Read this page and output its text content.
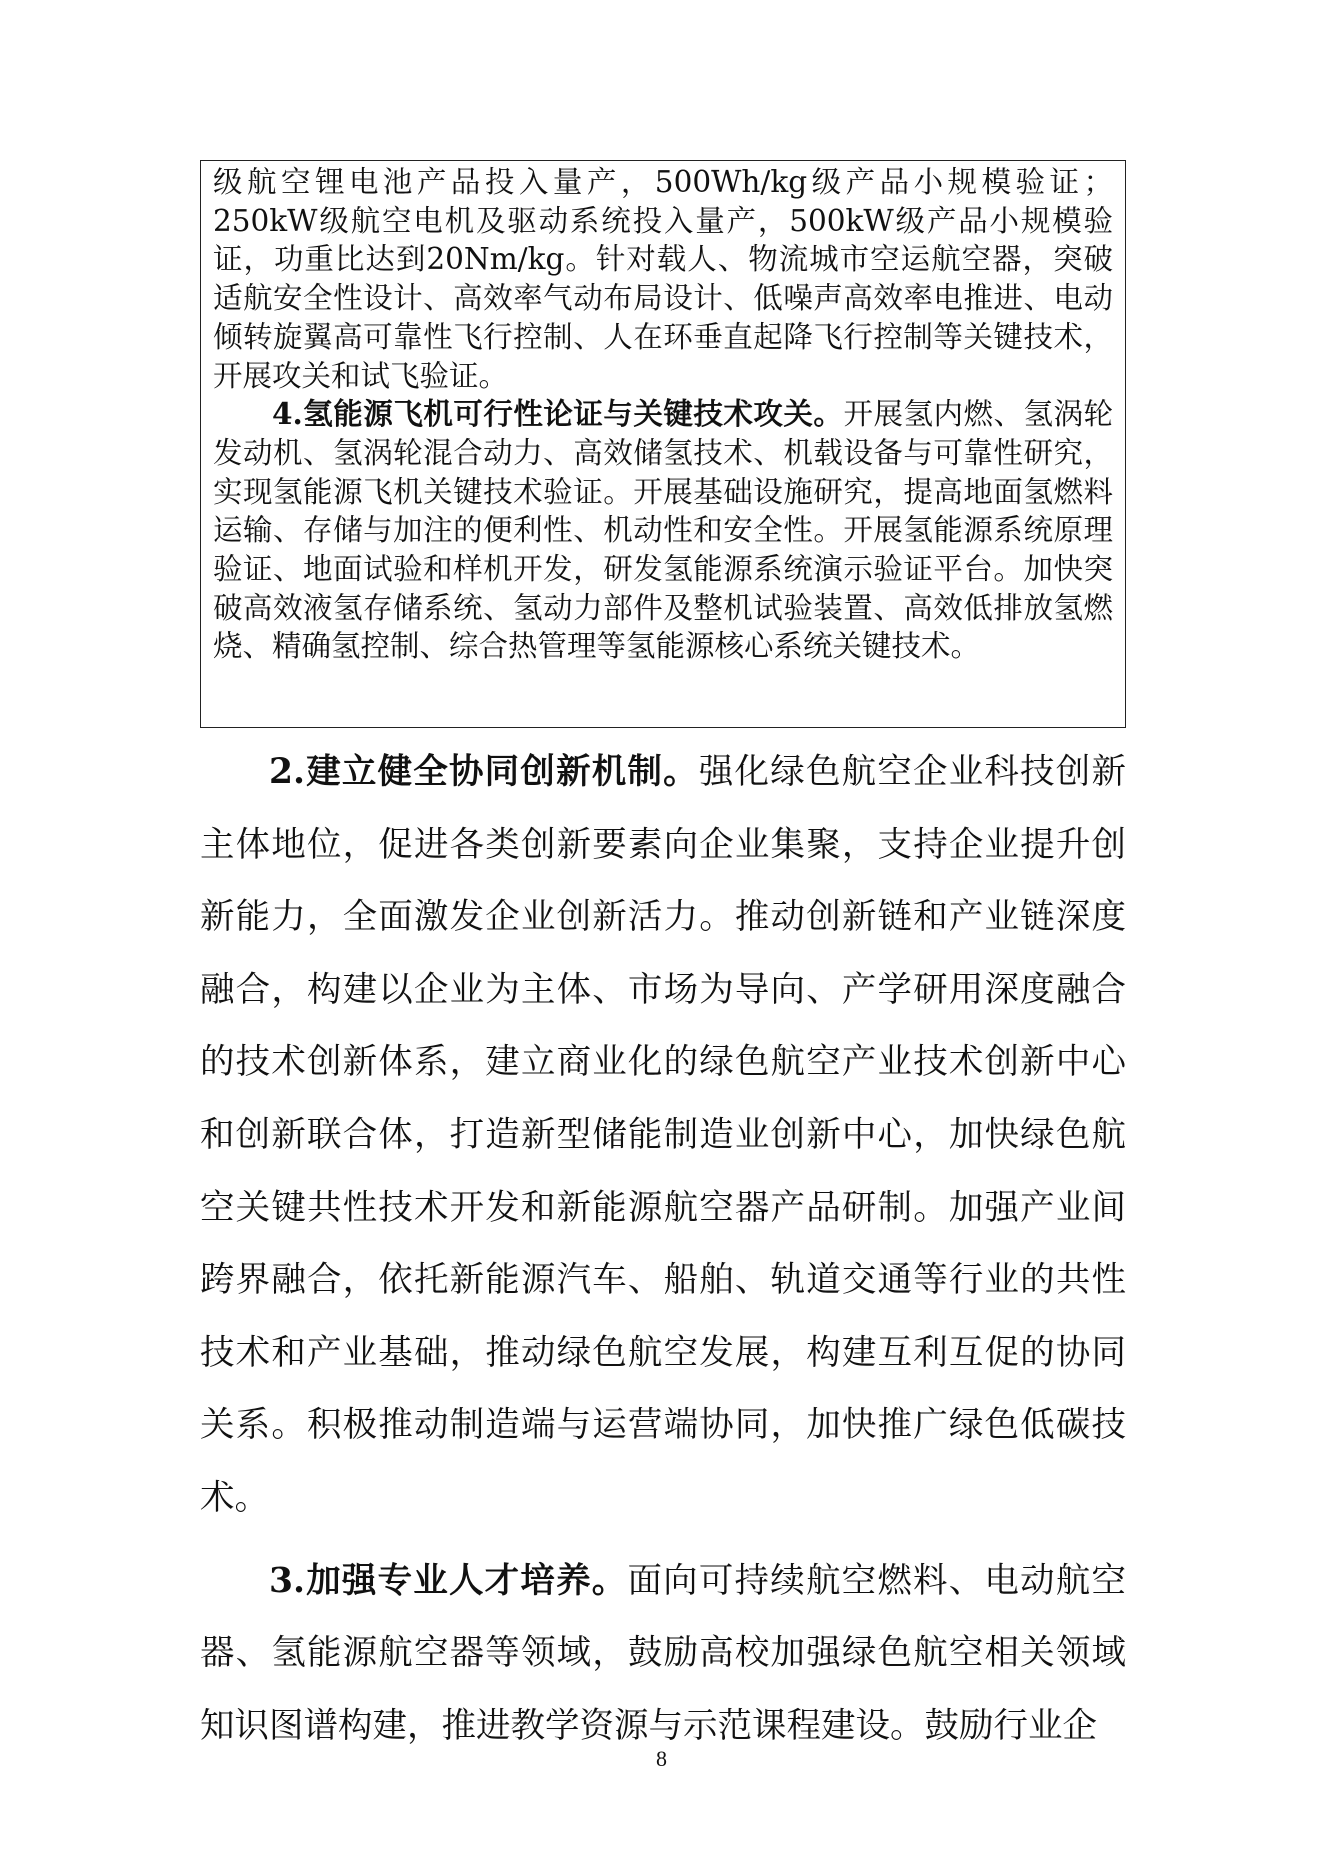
级航空锂电池产品投入量产，500Wh/kg级产品小规模验证；250kW级航空电机及驱动系统投入量产，500kW级产品小规模验证，功重比达到20Nm/kg。针对载人、物流城市空运航空器，突破适航安全性设计、高效率气动布局设计、低噪声高效率电推进、电动倾转旋翼高可靠性飞行控制、人在环垂直起降飞行控制等关键技术，开展攻关和试飞验证。

4.氢能源飞机可行性论证与关键技术攻关。开展氢内燃、氢涡轮发动机、氢涡轮混合动力、高效储氢技术、机载设备与可靠性研究，实现氢能源飞机关键技术验证。开展基础设施研究，提高地面氢燃料运输、存储与加注的便利性、机动性和安全性。开展氢能源系统原理验证、地面试验和样机开发，研发氢能源系统演示验证平台。加快突破高效液氢存储系统、氢动力部件及整机试验装置、高效低排放氢燃烧、精确氢控制、综合热管理等氢能源核心系统关键技术。

2.建立健全协同创新机制。强化绿色航空企业科技创新主体地位，促进各类创新要素向企业集聚，支持企业提升创新能力，全面激发企业创新活力。推动创新链和产业链深度融合，构建以企业为主体、市场为导向、产学研用深度融合的技术创新体系，建立商业化的绿色航空产业技术创新中心和创新联合体，打造新型储能制造业创新中心，加快绿色航空关键共性技术开发和新能源航空器产品研制。加强产业间跨界融合，依托新能源汽车、船舶、轨道交通等行业的共性技术和产业基础，推动绿色航空发展，构建互利互促的协同关系。积极推动制造端与运营端协同，加快推广绿色低碳技术。

3.加强专业人才培养。面向可持续航空燃料、电动航空器、氢能源航空器等领域，鼓励高校加强绿色航空相关领域知识图谱构建，推进教学资源与示范课程建设。鼓励行业企

8
